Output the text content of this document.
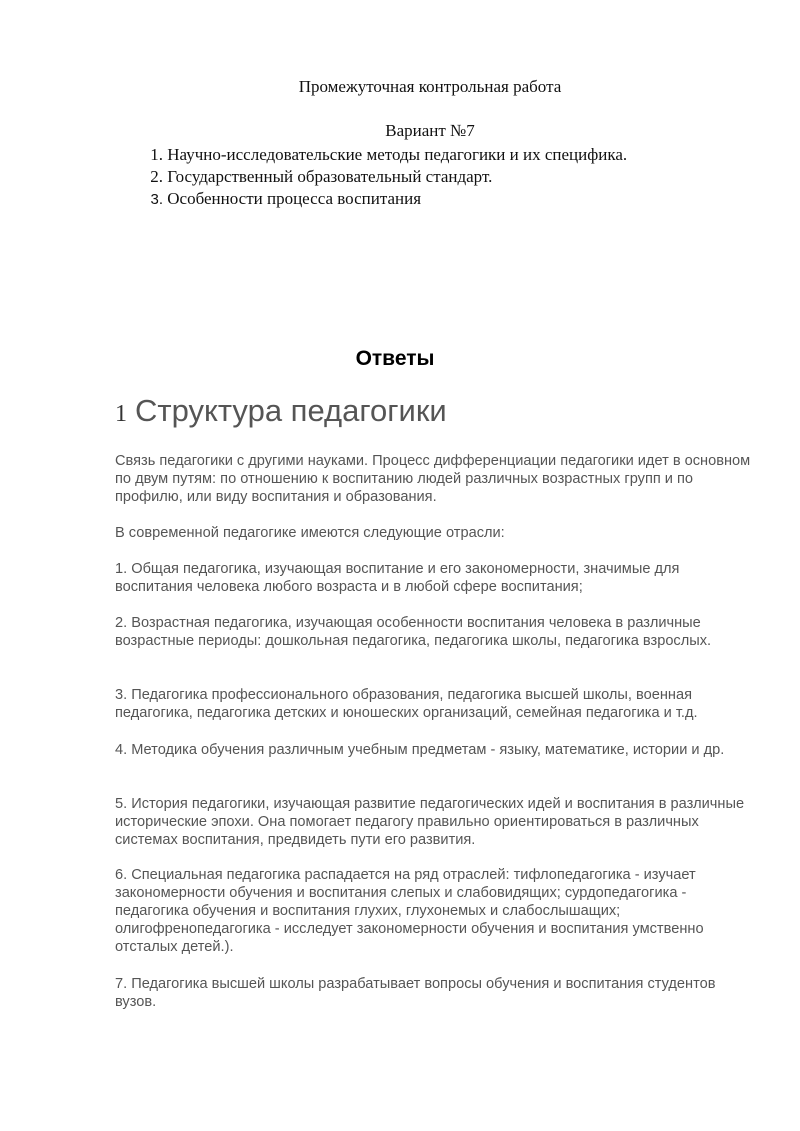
Промежуточная контрольная работа
Вариант №7
1. Научно-исследовательские методы педагогики и их специфика.
2. Государственный образовательный стандарт.
3. Особенности процесса воспитания
Ответы
1 Структура педагогики

Связь педагогики с другими науками. Процесс дифференциации педагогики идет в основном по двум путям: по отношению к воспитанию людей различных возрастных групп и по профилю, или виду воспитания и образования.

В современной педагогике имеются следующие отрасли:

1. Общая педагогика, изучающая воспитание и его закономерности, значимые для воспитания человека любого возраста и в любой сфере воспитания;

2. Возрастная педагогика, изучающая особенности воспитания человека в различные возрастные периоды: дошкольная педагогика, педагогика школы, педагогика взрослых.

3. Педагогика профессионального образования, педагогика высшей школы, военная педагогика, педагогика детских и юношеских организаций, семейная педагогика и т.д.

4. Методика обучения различным учебным предметам - языку, математике, истории и др.

5. История педагогики, изучающая развитие педагогических идей и воспитания в различные исторические эпохи. Она помогает педагогу правильно ориентироваться в различных системах воспитания, предвидеть пути его развития.

6. Специальная педагогика распадается на ряд отраслей: тифлопедагогика - изучает закономерности обучения и воспитания слепых и слабовидящих; сурдопедагогика - педагогика обучения и воспитания глухих, глухонемых и слабослышащих; олигофренопедагогика - исследует закономерности обучения и воспитания умственно отсталых детей.).

7. Педагогика высшей школы разрабатывает вопросы обучения и воспитания студентов вузов.
